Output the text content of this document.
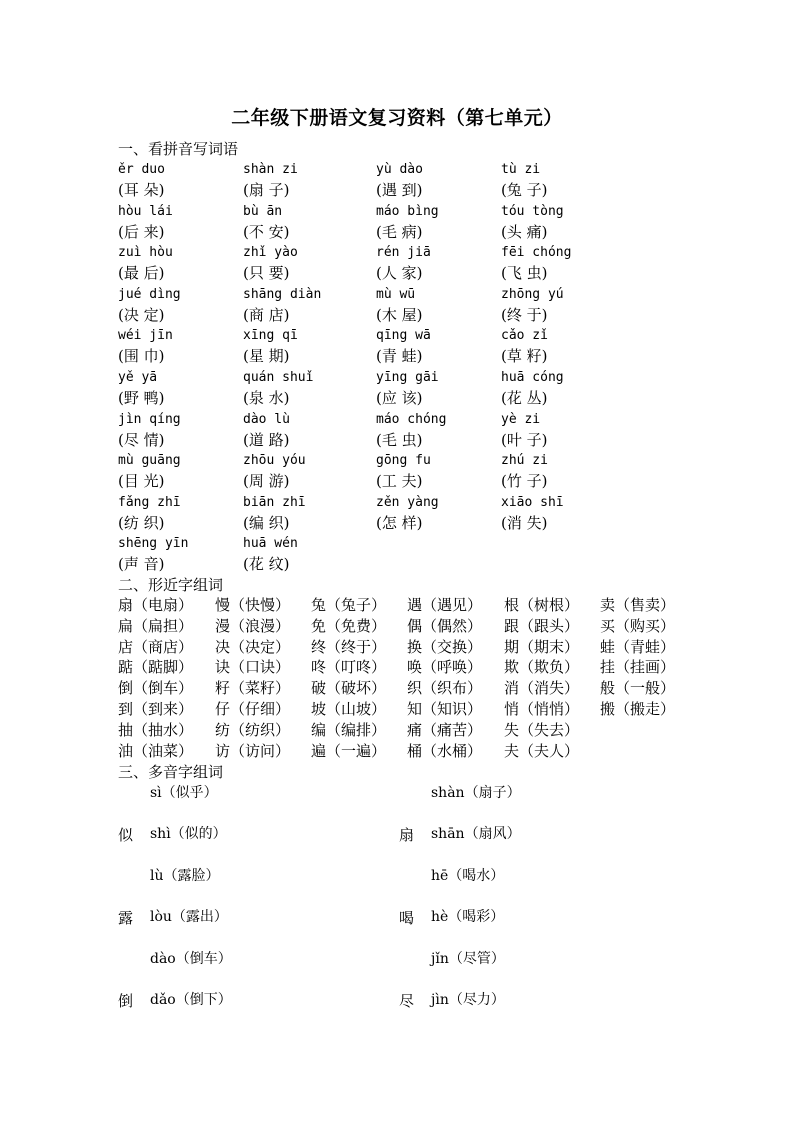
二年级下册语文复习资料（第七单元）
一、看拼音写词语
ěr duo
(耳 朵)
shàn zi
(扇 子)
yù dào
(遇 到)
tù zi
(兔 子)
hòu lái
(后 来)
bù ān
(不 安)
máo bìng
(毛 病)
tóu tòng
(头 痛)
zuì hòu
(最 后)
zhǐ yào
(只 要)
rén jiā
(人 家)
fēi chóng
(飞 虫)
jué dìng
(决 定)
shāng diàn
(商 店)
mù wū
(木 屋)
zhōng yú
(终 于)
wéi jīn
(围 巾)
xīng qī
(星 期)
qīng wā
(青 蛙)
cǎo zǐ
(草 籽)
yě yā
(野 鸭)
quán shuǐ
(泉 水)
yīng gāi
(应 该)
huā cóng
(花 丛)
jìn qíng
(尽 情)
dào lù
(道 路)
máo chóng
(毛 虫)
yè zi
(叶 子)
mù guāng
(目 光)
zhōu yóu
(周 游)
gōng fu
(工 夫)
zhú zi
(竹 子)
fǎng zhī
(纺 织)
biān zhī
(编 织)
zěn yàng
(怎 样)
xiāo shī
(消 失)
shēng yīn
(声 音)
huā wén
(花 纹)
二、形近字组词
扇（电扇） 慢（快慢） 兔（兔子） 遇（遇见） 根（树根） 卖（售卖）
扁（扁担） 漫（浪漫） 免（免费） 偶（偶然） 跟（跟头） 买（购买）
店（商店） 决（决定） 终（终于） 换（交换） 期（期末） 蛙（青蛙）
踮（踮脚） 诀（口诀） 咚（叮咚） 唤（呼唤） 欺（欺负） 挂（挂画）
倒（倒车） 籽（菜籽） 破（破坏） 织（织布） 消（消失） 般（一般）
到（到来） 仔（仔细） 坡（山坡） 知（知识） 悄（悄悄） 搬（搬走）
抽（抽水） 纺（纺织） 编（编排） 痛（痛苦） 失（失去）
油（油菜） 访（访问） 遍（一遍） 桶（水桶） 夫（夫人）
三、多音字组词
sì（似乎）
似 shì（似的）
shàn（扇子）
扇 shān（扇风）
lù（露脸）
露 lòu（露出）
hē（喝水）
喝 hè（喝彩）
dào（倒车）
倒 dǎo（倒下）
jǐn（尽管）
尽 jìn（尽力）
